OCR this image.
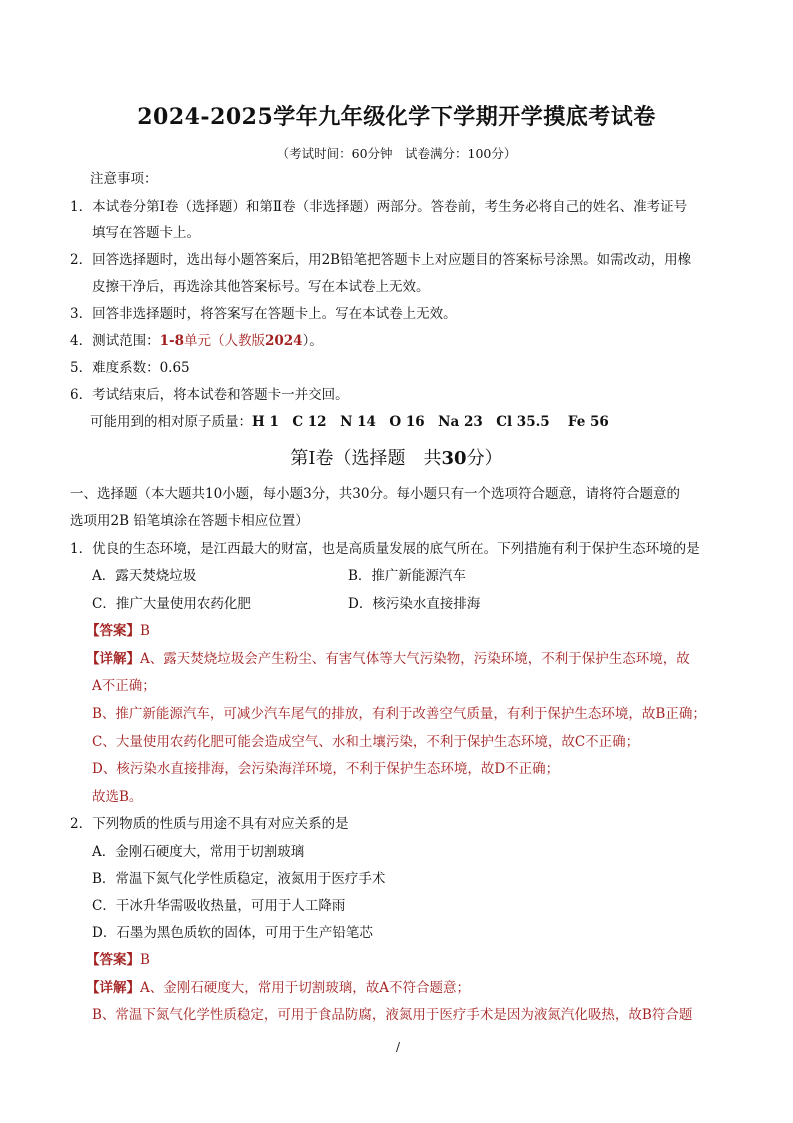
2024-2025学年九年级化学下学期开学摸底考试卷
（考试时间：60分钟　试卷满分：100分）
注意事项：
1．本试卷分第Ⅰ卷（选择题）和第Ⅱ卷（非选择题）两部分。答卷前，考生务必将自己的姓名、准考证号
填写在答题卡上。
2．回答选择题时，选出每小题答案后，用2B铅笔把答题卡上对应题目的答案标号涂黑。如需改动，用橡
皮擦干净后，再选涂其他答案标号。写在本试卷上无效。
3．回答非选择题时，将答案写在答题卡上。写在本试卷上无效。
4．测试范围：1-8单元（人教版2024）。
5．难度系数：0.65
6．考试结束后，将本试卷和答题卡一并交回。
可能用到的相对原子质量：H 1　C 12　N 14　O 16　Na 23　Cl 35.5　 Fe 56
第Ⅰ卷（选择题　共30分）
一、选择题（本大题共10小题，每小题3分，共30分。每小题只有一个选项符合题意，请将符合题意的
选项用2B 铅笔填涂在答题卡相应位置）
1．优良的生态环境，是江西最大的财富，也是高质量发展的底气所在。下列措施有利于保护生态环境的是
A．露天焚烧垃圾	B．推广新能源汽车
C．推广大量使用农药化肥	D．核污染水直接排海
【答案】B
【详解】A、露天焚烧垃圾会产生粉尘、有害气体等大气污染物，污染环境，不利于保护生态环境，故
A不正确；
B、推广新能源汽车，可减少汽车尾气的排放，有利于改善空气质量，有利于保护生态环境，故B正确；
C、大量使用农药化肥可能会造成空气、水和土壤污染，不利于保护生态环境，故C不正确；
D、核污染水直接排海，会污染海洋环境，不利于保护生态环境，故D不正确；
故选B。
2．下列物质的性质与用途不具有对应关系的是
A．金刚石硬度大，常用于切割玻璃
B．常温下氮气化学性质稳定，液氮用于医疗手术
C．干冰升华需吸收热量，可用于人工降雨
D．石墨为黑色质软的固体，可用于生产铅笔芯
【答案】B
【详解】A、金刚石硬度大，常用于切割玻璃，故A不符合题意；
B、常温下氮气化学性质稳定，可用于食品防腐，液氮用于医疗手术是因为液氮汽化吸热，故B符合题
/
